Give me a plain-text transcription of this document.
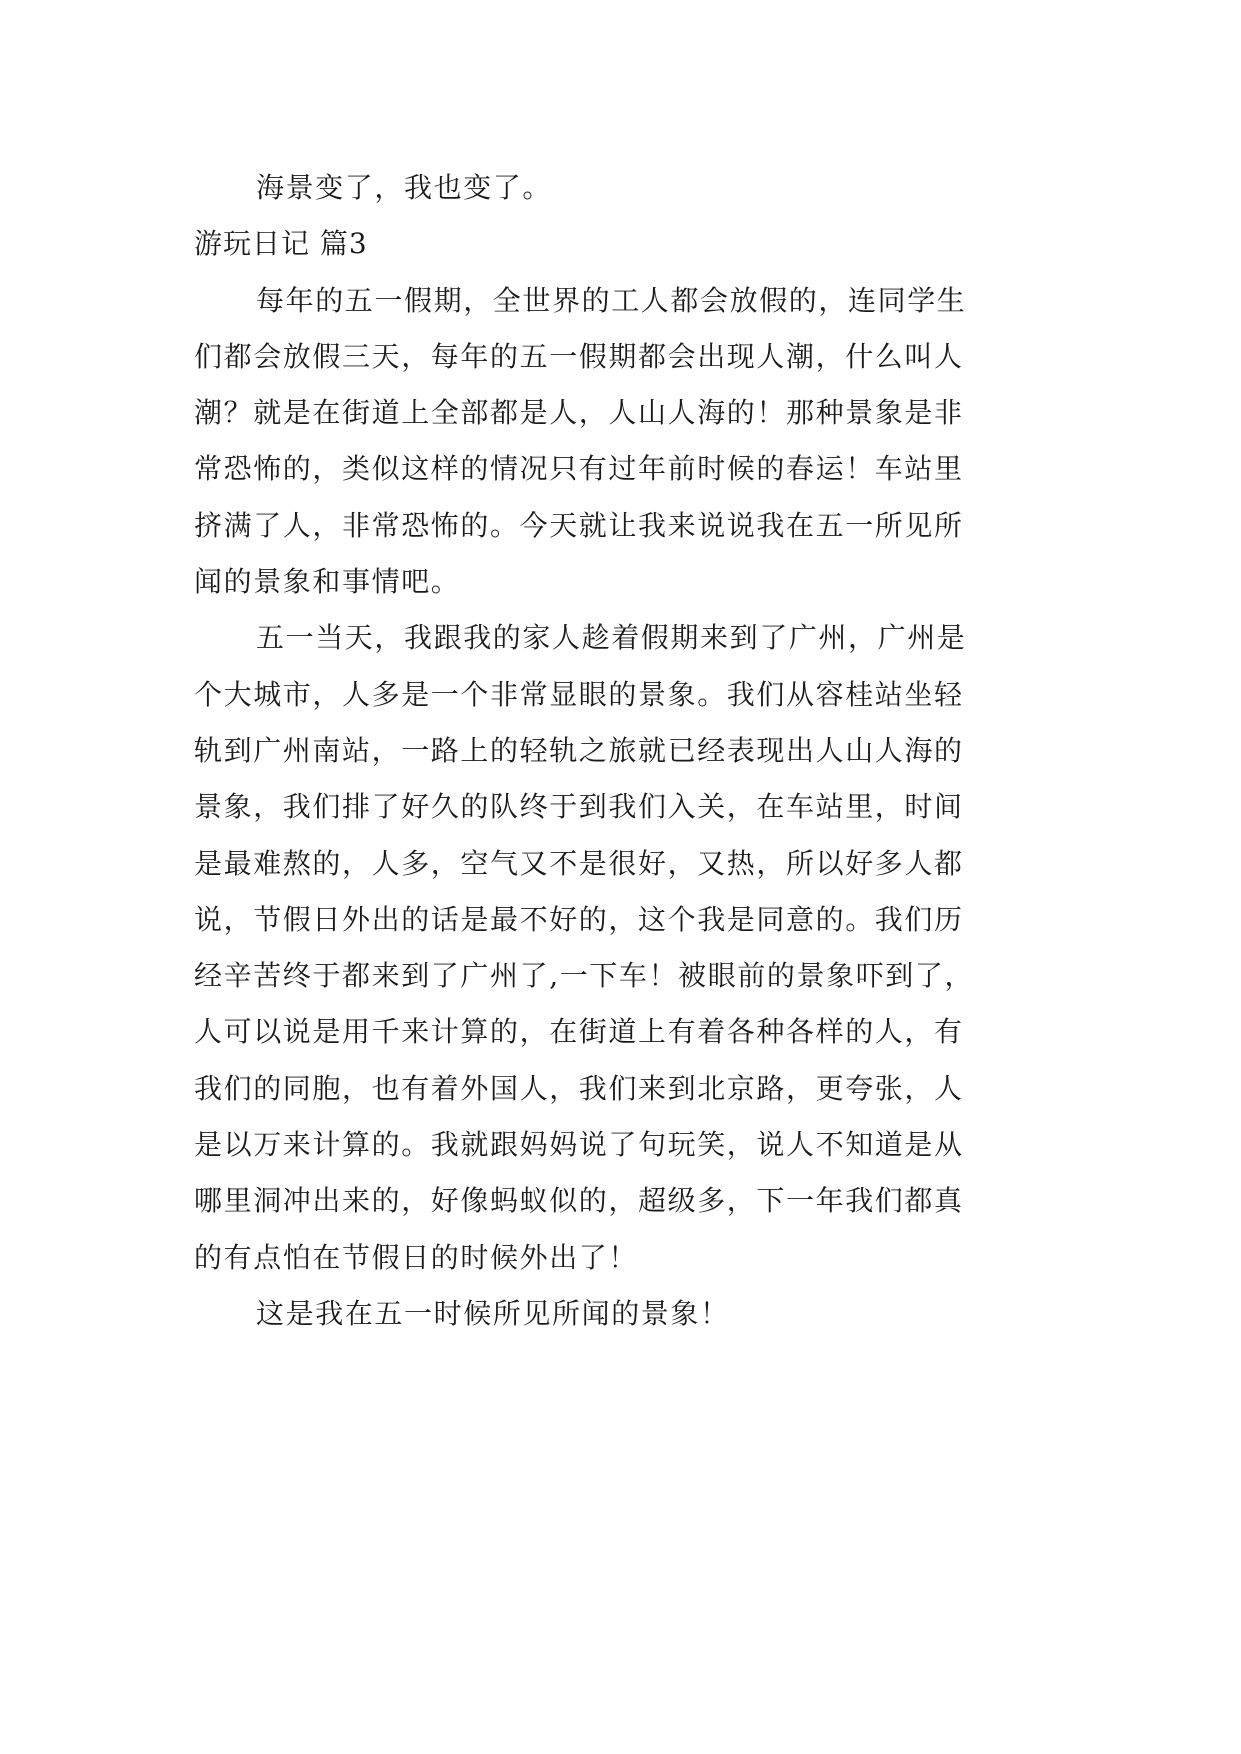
海景变了，我也变了。
游玩日记 篇3
每年的五一假期，全世界的工人都会放假的，连同学生
们都会放假三天，每年的五一假期都会出现人潮，什么叫人
潮？就是在街道上全部都是人，人山人海的！那种景象是非
常恐怖的，类似这样的情况只有过年前时候的春运！车站里
挤满了人，非常恐怖的。今天就让我来说说我在五一所见所
闻的景象和事情吧。
五一当天，我跟我的家人趁着假期来到了广州，广州是
个大城市，人多是一个非常显眼的景象。我们从容桂站坐轻
轨到广州南站，一路上的轻轨之旅就已经表现出人山人海的
景象，我们排了好久的队终于到我们入关，在车站里，时间
是最难熬的，人多，空气又不是很好，又热，所以好多人都
说，节假日外出的话是最不好的，这个我是同意的。我们历
经辛苦终于都来到了广州了,一下车！被眼前的景象吓到了，
人可以说是用千来计算的，在街道上有着各种各样的人，有
我们的同胞，也有着外国人，我们来到北京路，更夸张，人
是以万来计算的。我就跟妈妈说了句玩笑，说人不知道是从
哪里洞冲出来的，好像蚂蚁似的，超级多，下一年我们都真
的有点怕在节假日的时候外出了！
这是我在五一时候所见所闻的景象！
